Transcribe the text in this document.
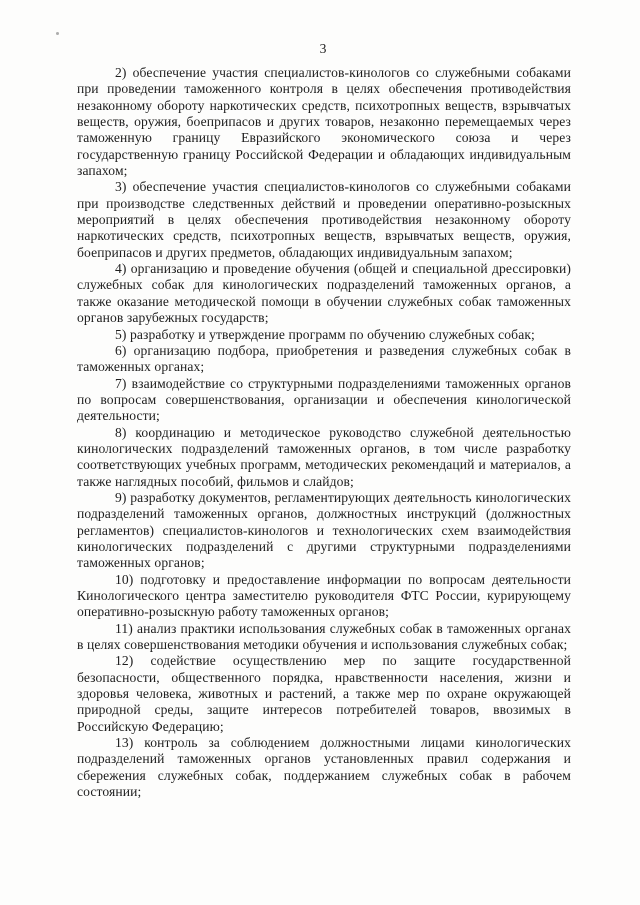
3

2) обеспечение участия специалистов-кинологов со служебными собаками при проведении таможенного контроля в целях обеспечения противодействия незаконному обороту наркотических средств, психотропных веществ, взрывчатых веществ, оружия, боеприпасов и других товаров, незаконно перемещаемых через таможенную границу Евразийского экономического союза и через государственную границу Российской Федерации и обладающих индивидуальным запахом;

3) обеспечение участия специалистов-кинологов со служебными собаками при производстве следственных действий и проведении оперативно-розыскных мероприятий в целях обеспечения противодействия незаконному обороту наркотических средств, психотропных веществ, взрывчатых веществ, оружия, боеприпасов и других предметов, обладающих индивидуальным запахом;

4) организацию и проведение обучения (общей и специальной дрессировки) служебных собак для кинологических подразделений таможенных органов, а также оказание методической помощи в обучении служебных собак таможенных органов зарубежных государств;

5) разработку и утверждение программ по обучению служебных собак;

6) организацию подбора, приобретения и разведения служебных собак в таможенных органах;

7) взаимодействие со структурными подразделениями таможенных органов по вопросам совершенствования, организации и обеспечения кинологической деятельности;

8) координацию и методическое руководство служебной деятельностью кинологических подразделений таможенных органов, в том числе разработку соответствующих учебных программ, методических рекомендаций и материалов, а также наглядных пособий, фильмов и слайдов;

9) разработку документов, регламентирующих деятельность кинологических подразделений таможенных органов, должностных инструкций (должностных регламентов) специалистов-кинологов и технологических схем взаимодействия кинологических подразделений с другими структурными подразделениями таможенных органов;

10) подготовку и предоставление информации по вопросам деятельности Кинологического центра заместителю руководителя ФТС России, курирующему оперативно-розыскную работу таможенных органов;

11) анализ практики использования служебных собак в таможенных органах в целях совершенствования методики обучения и использования служебных собак;

12) содействие осуществлению мер по защите государственной безопасности, общественного порядка, нравственности населения, жизни и здоровья человека, животных и растений, а также мер по охране окружающей природной среды, защите интересов потребителей товаров, ввозимых в Российскую Федерацию;

13) контроль за соблюдением должностными лицами кинологических подразделений таможенных органов установленных правил содержания и сбережения служебных собак, поддержанием служебных собак в рабочем состоянии;
